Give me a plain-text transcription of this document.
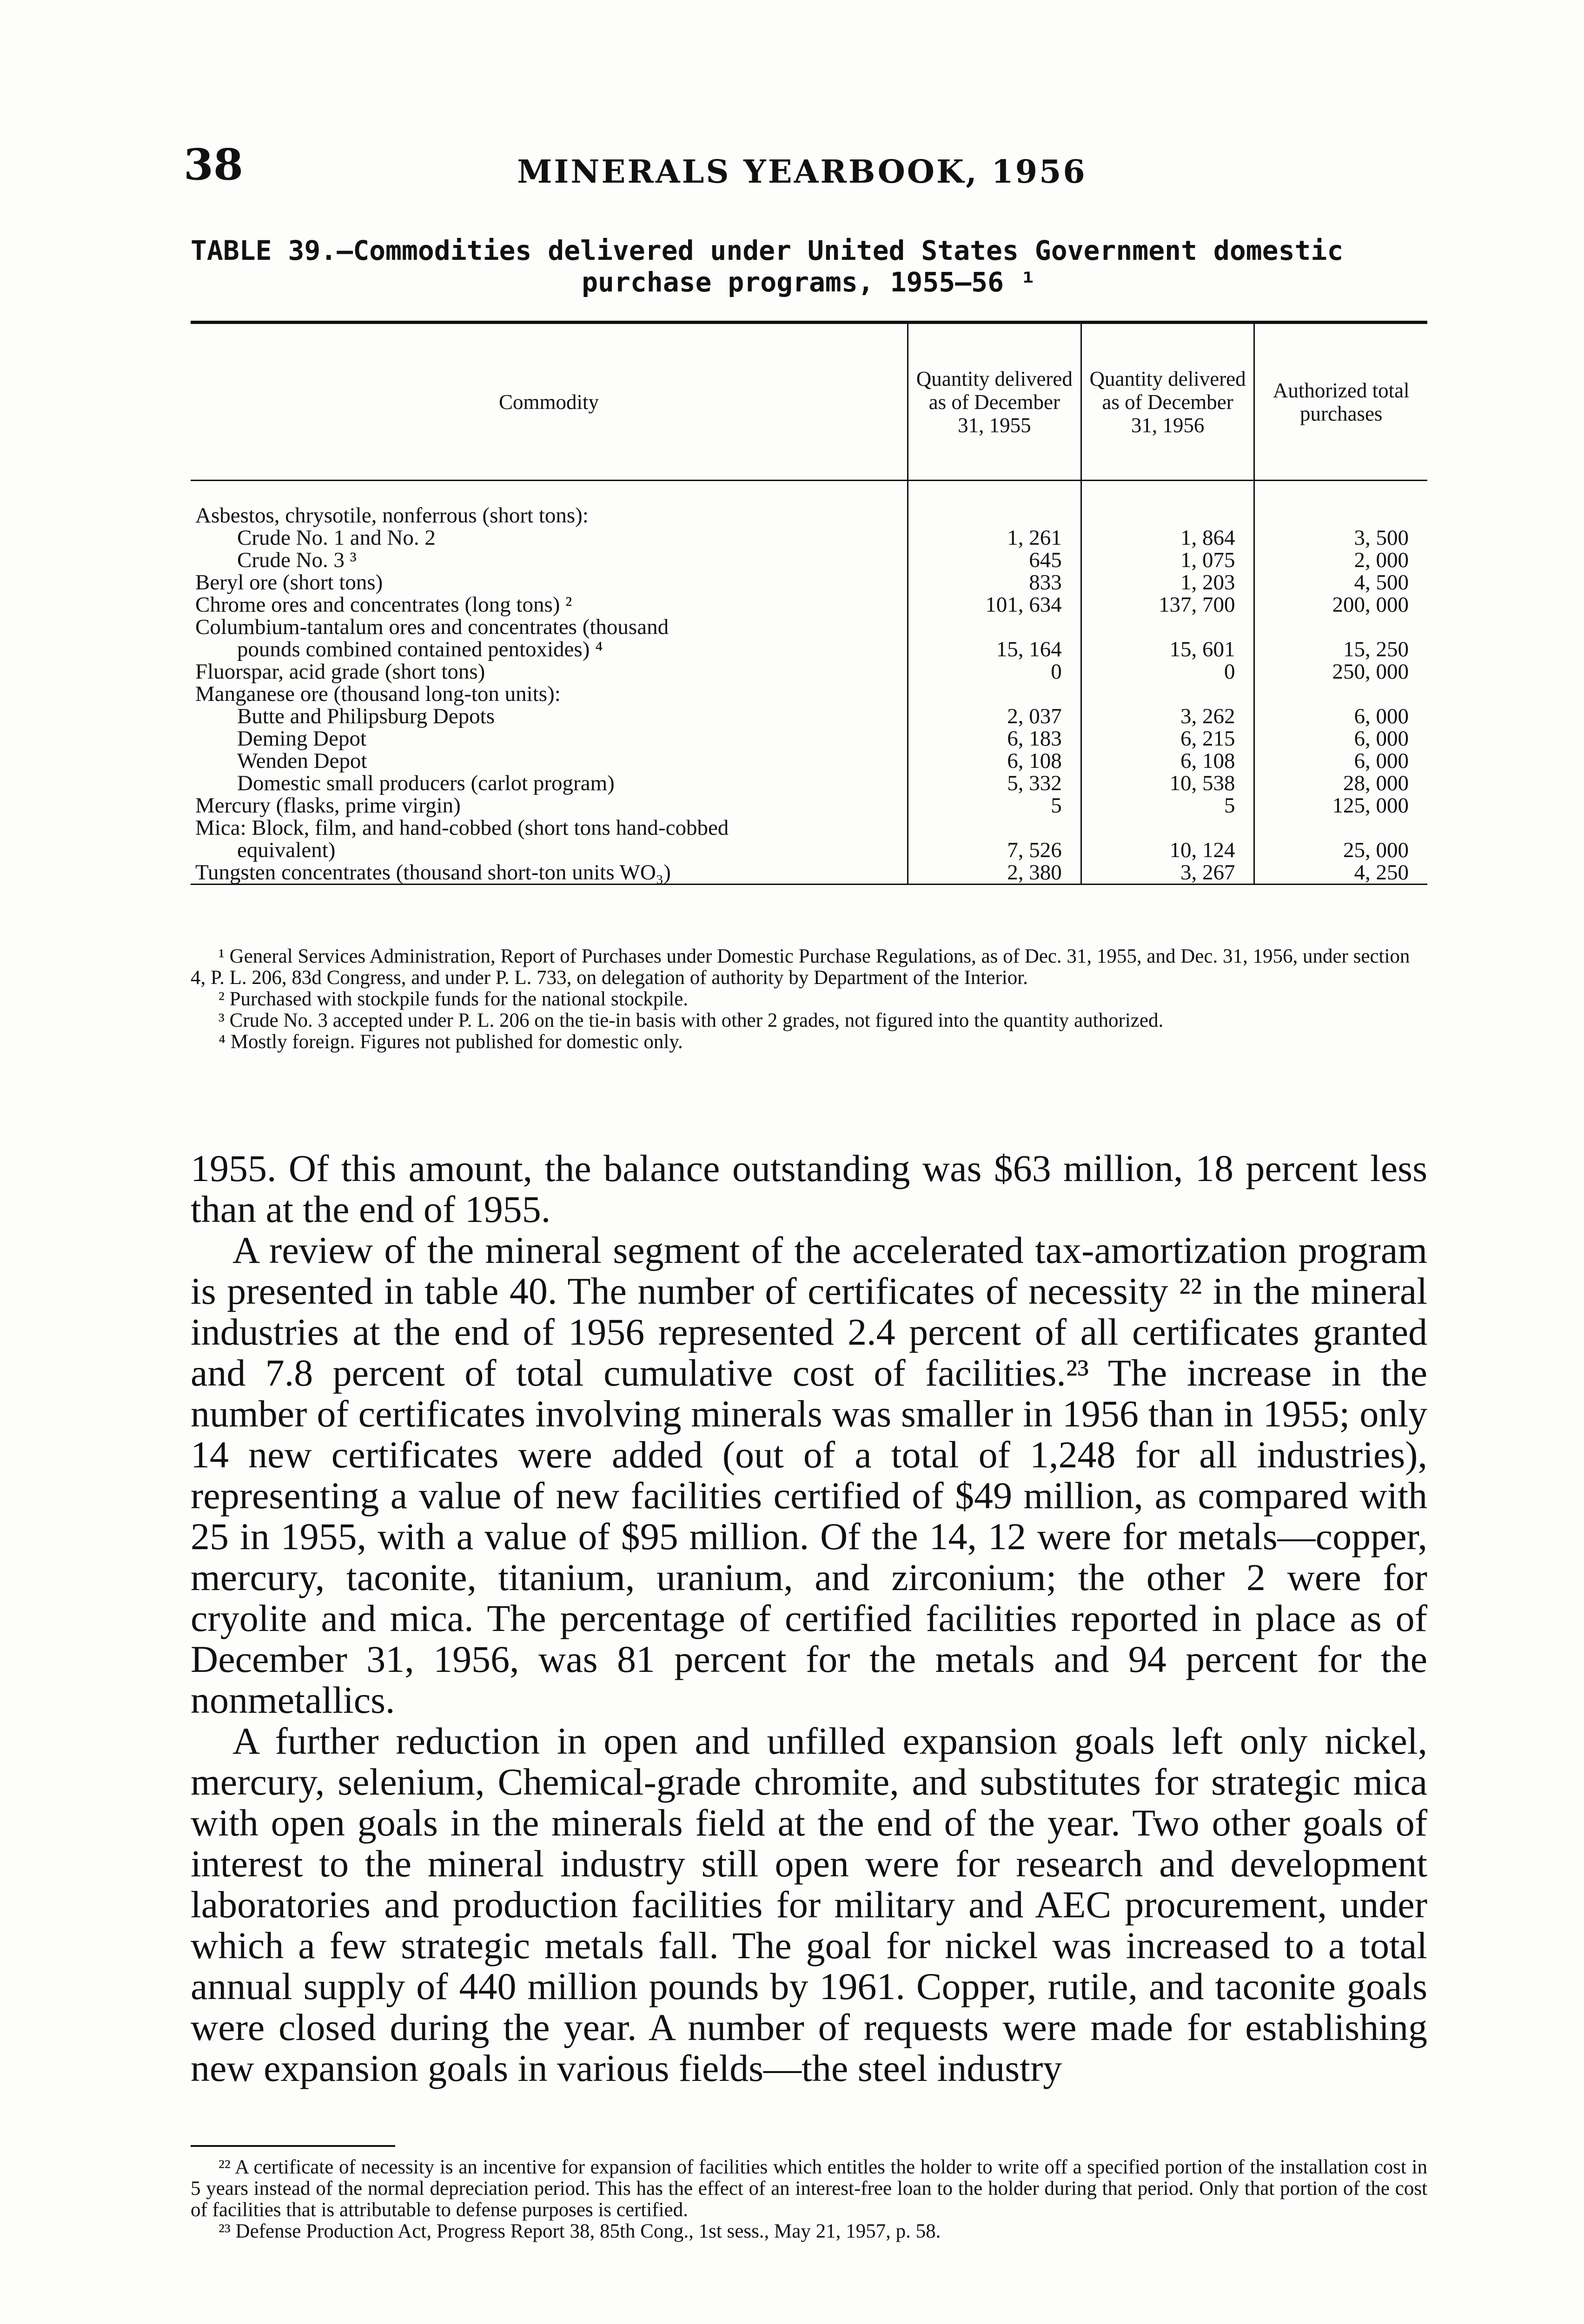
38	MINERALS YEARBOOK, 1956
TABLE 39.—Commodities delivered under United States Government domestic
purchase programs, 1955–56 ¹
Commodity	Quantity delivered as of December 31, 1955	Quantity delivered as of December 31, 1956	Authorized total purchases

Asbestos, chrysotile, nonferrous (short tons):			
Crude No. 1 and No. 2	1, 261	1, 864	3, 500
Crude No. 3 ³	645	1, 075	2, 000
Beryl ore (short tons)	833	1, 203	4, 500
Chrome ores and concentrates (long tons) ²	101, 634	137, 700	200, 000
Columbium-tantalum ores and concentrates (thousand			
pounds combined contained pentoxides) ⁴	15, 164	15, 601	15, 250
Fluorspar, acid grade (short tons)	0	0	250, 000
Manganese ore (thousand long-ton units):			
Butte and Philipsburg Depots	2, 037	3, 262	6, 000
Deming Depot	6, 183	6, 215	6, 000
Wenden Depot	6, 108	6, 108	6, 000
Domestic small producers (carlot program)	5, 332	10, 538	28, 000
Mercury (flasks, prime virgin)	5	5	125, 000
Mica: Block, film, and hand-cobbed (short tons hand-cobbed			
equivalent)	7, 526	10, 124	25, 000
Tungsten concentrates (thousand short-ton units WO₃)	2, 380	3, 267	4, 250

¹ General Services Administration, Report of Purchases under Domestic Purchase Regulations, as of Dec. 31, 1955, and Dec. 31, 1956, under section 4, P. L. 206, 83d Congress, and under P. L. 733, on delegation of authority by Department of the Interior.

² Purchased with stockpile funds for the national stockpile.

³ Crude No. 3 accepted under P. L. 206 on the tie-in basis with other 2 grades, not figured into the quantity authorized.

⁴ Mostly foreign. Figures not published for domestic only.

1955. Of this amount, the balance outstanding was $63 million, 18 percent less than at the end of 1955.

A review of the mineral segment of the accelerated tax-amortization program is presented in table 40. The number of certificates of necessity ²² in the mineral industries at the end of 1956 represented 2.4 percent of all certificates granted and 7.8 percent of total cumulative cost of facilities.²³ The increase in the number of certificates involving minerals was smaller in 1956 than in 1955; only 14 new certificates were added (out of a total of 1,248 for all industries), representing a value of new facilities certified of $49 million, as compared with 25 in 1955, with a value of $95 million. Of the 14, 12 were for metals—copper, mercury, taconite, titanium, uranium, and zirconium; the other 2 were for cryolite and mica. The percentage of certified facilities reported in place as of December 31, 1956, was 81 percent for the metals and 94 percent for the nonmetallics.

A further reduction in open and unfilled expansion goals left only nickel, mercury, selenium, Chemical-grade chromite, and substitutes for strategic mica with open goals in the minerals field at the end of the year. Two other goals of interest to the mineral industry still open were for research and development laboratories and production facilities for military and AEC procurement, under which a few strategic metals fall. The goal for nickel was increased to a total annual supply of 440 million pounds by 1961. Copper, rutile, and taconite goals were closed during the year. A number of requests were made for establishing new expansion goals in various fields—the steel industry

²² A certificate of necessity is an incentive for expansion of facilities which entitles the holder to write off a specified portion of the installation cost in 5 years instead of the normal depreciation period. This has the effect of an interest-free loan to the holder during that period. Only that portion of the cost of facilities that is attributable to defense purposes is certified.

²³ Defense Production Act, Progress Report 38, 85th Cong., 1st sess., May 21, 1957, p. 58.
